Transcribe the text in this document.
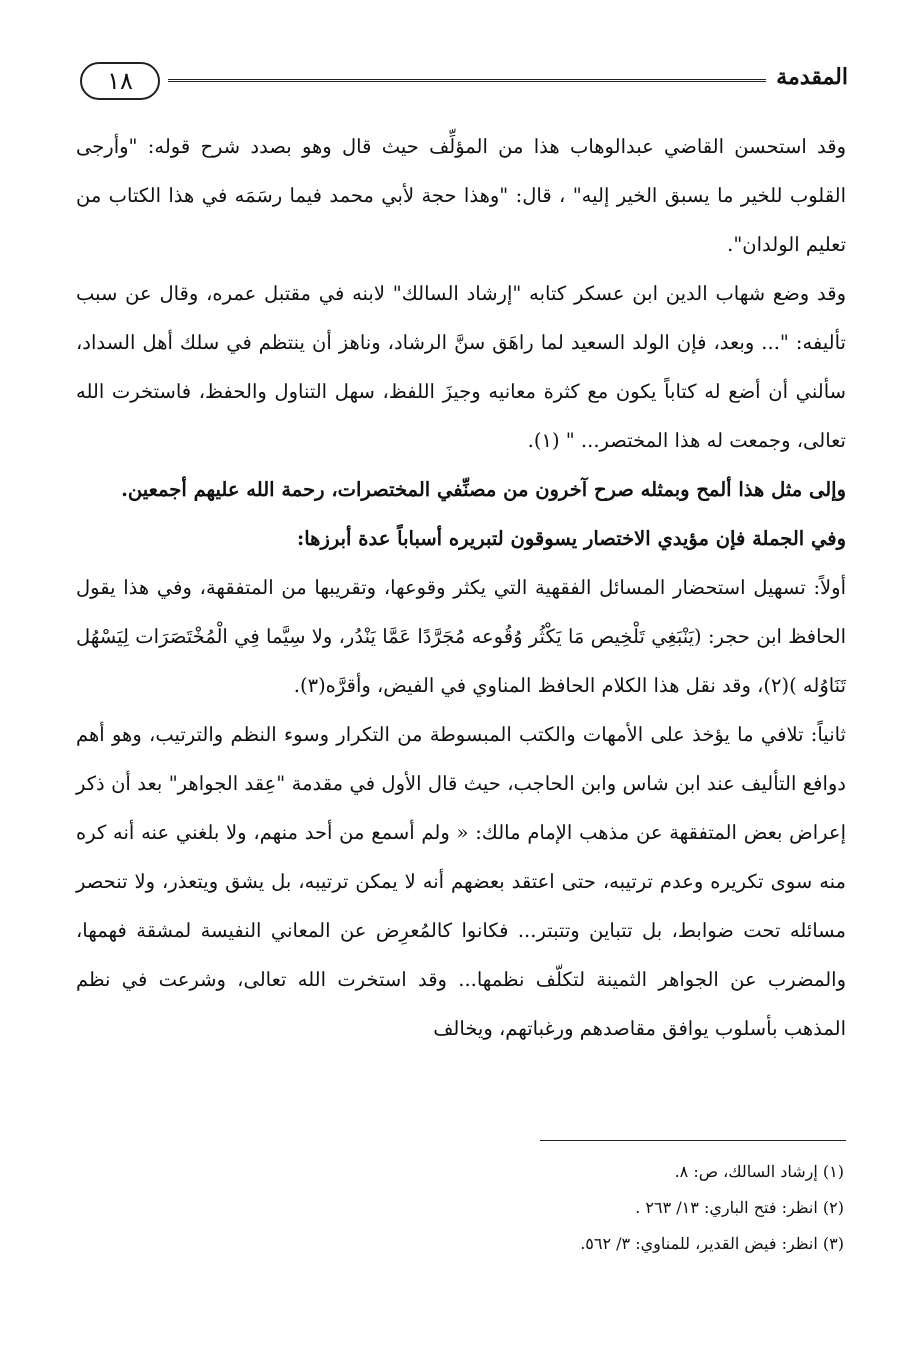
١٨	المقدمة

وقد استحسن القاضي عبدالوهاب هذا من المؤلِّف حيث قال وهو بصدد شرح قوله: "وأرجى القلوب للخير ما يسبق الخير إليه" ، قال: "وهذا حجة لأبي محمد فيما رسَمَه في هذا الكتاب من تعليم الولدان".

وقد وضع شهاب الدين ابن عسكر كتابه "إرشاد السالك" لابنه في مقتبل عمره، وقال عن سبب تأليفه: "... وبعد، فإن الولد السعيد لما راهَق سنَّ الرشاد، وناهز أن ينتظم في سلك أهل السداد، سألني أن أضع له كتاباً يكون مع كثرة معانيه وجيزَ اللفظ، سهل التناول والحفظ، فاستخرت الله تعالى، وجمعت له هذا المختصر... " (١).

وإلى مثل هذا ألمح وبمثله صرح آخرون من مصنِّفي المختصرات، رحمة الله عليهم أجمعين.

وفي الجملة فإن مؤيدي الاختصار يسوقون لتبريره أسباباً عدة أبرزها:

أولاً: تسهيل استحضار المسائل الفقهية التي يكثر وقوعها، وتقريبها من المتفقهة، وفي هذا يقول الحافظ ابن حجر: (يَنْبَغِي تَلْخِيص مَا يَكْثُر وُقُوعه مُجَرَّدًا عَمَّا يَنْدُر، ولا سِيَّما فِي الْمُخْتَصَرَات لِيَسْهُل تَنَاوُله )(٢)، وقد نقل هذا الكلام الحافظ المناوي في الفيض، وأقرَّه(٣).

ثانياً: تلافي ما يؤخذ على الأمهات والكتب المبسوطة من التكرار وسوء النظم والترتيب، وهو أهم دوافع التأليف عند ابن شاس وابن الحاجب، حيث قال الأول في مقدمة "عِقد الجواهر" بعد أن ذكر إعراض بعض المتفقهة عن مذهب الإمام مالك: « ولم أسمع من أحد منهم، ولا بلغني عنه أنه كره منه سوى تكريره وعدم ترتيبه، حتى اعتقد بعضهم أنه لا يمكن ترتيبه، بل يشق ويتعذر، ولا تنحصر مسائله تحت ضوابط، بل تتباين وتتبتر... فكانوا كالمُعرِض عن المعاني النفيسة لمشقة فهمها، والمضرب عن الجواهر الثمينة لتكلّف نظمها... وقد استخرت الله تعالى، وشرعت في نظم المذهب بأسلوب يوافق مقاصدهم ورغباتهم، ويخالف

(١) إرشاد السالك، ص: ٨.
(٢) انظر: فتح الباري: ١٣/ ٢٦٣ .
(٣) انظر: فيض القدير، للمناوي: ٣/ ٥٦٢.
